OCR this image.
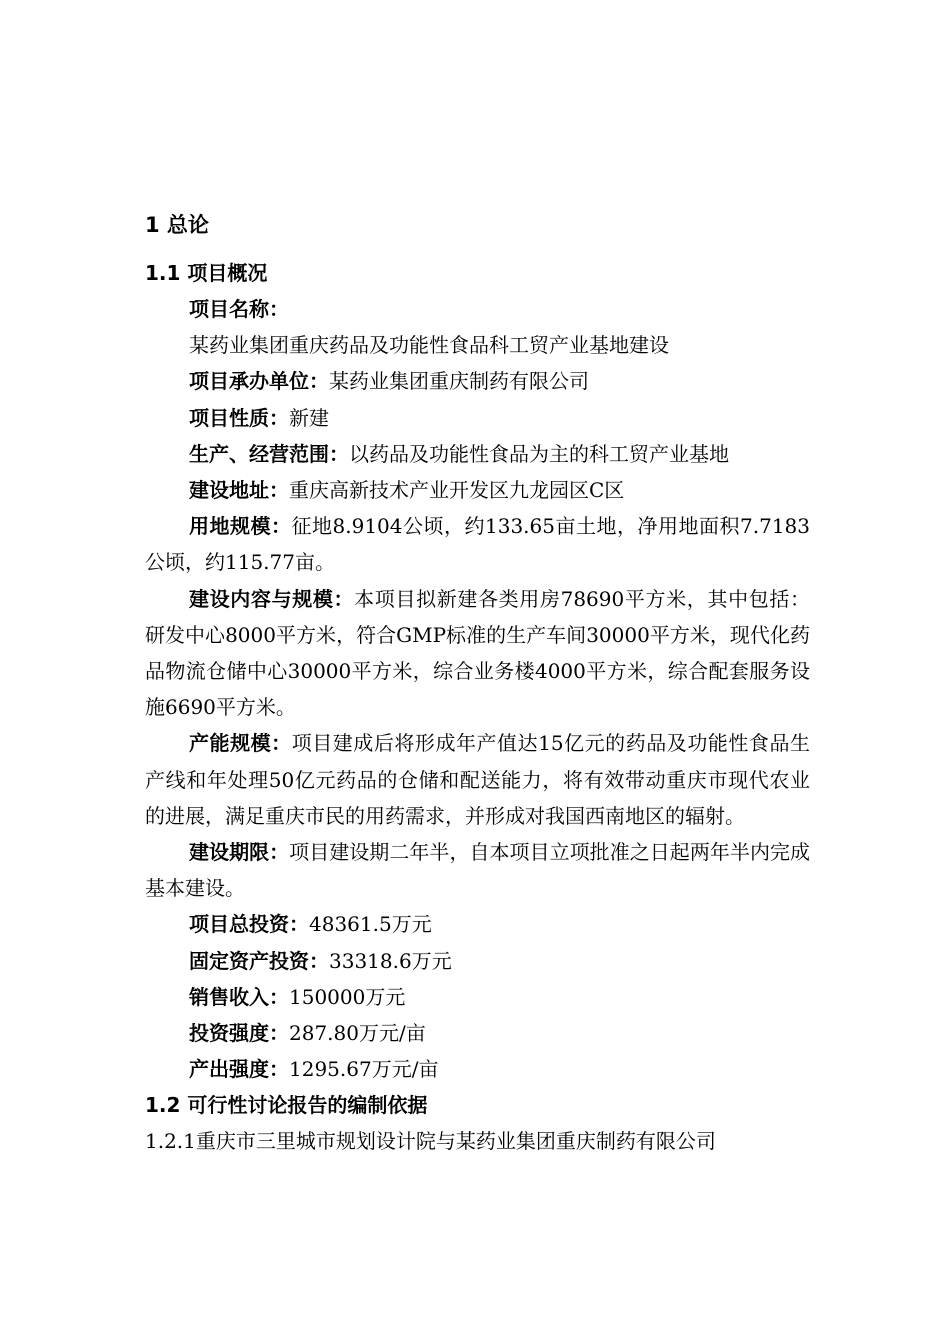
1 总论
1.1 项目概况

项目名称：

某药业集团重庆药品及功能性食品科工贸产业基地建设

项目承办单位：某药业集团重庆制药有限公司

项目性质：新建

生产、经营范围：以药品及功能性食品为主的科工贸产业基地

建设地址：重庆高新技术产业开发区九龙园区C区

用地规模：征地8.9104公顷，约133.65亩土地，净用地面积7.7183公顷，约115.77亩。

建设内容与规模：本项目拟新建各类用房78690平方米，其中包括：研发中心8000平方米，符合GMP标准的生产车间30000平方米，现代化药品物流仓储中心30000平方米，综合业务楼4000平方米，综合配套服务设施6690平方米。

产能规模：项目建成后将形成年产值达15亿元的药品及功能性食品生产线和年处理50亿元药品的仓储和配送能力，将有效带动重庆市现代农业的进展，满足重庆市民的用药需求，并形成对我国西南地区的辐射。

建设期限：项目建设期二年半，自本项目立项批准之日起两年半内完成基本建设。

项目总投资：48361.5万元

固定资产投资：33318.6万元

销售收入：150000万元

投资强度：287.80万元/亩

产出强度：1295.67万元/亩

1.2 可行性讨论报告的编制依据

1.2.1重庆市三里城市规划设计院与某药业集团重庆制药有限公司
